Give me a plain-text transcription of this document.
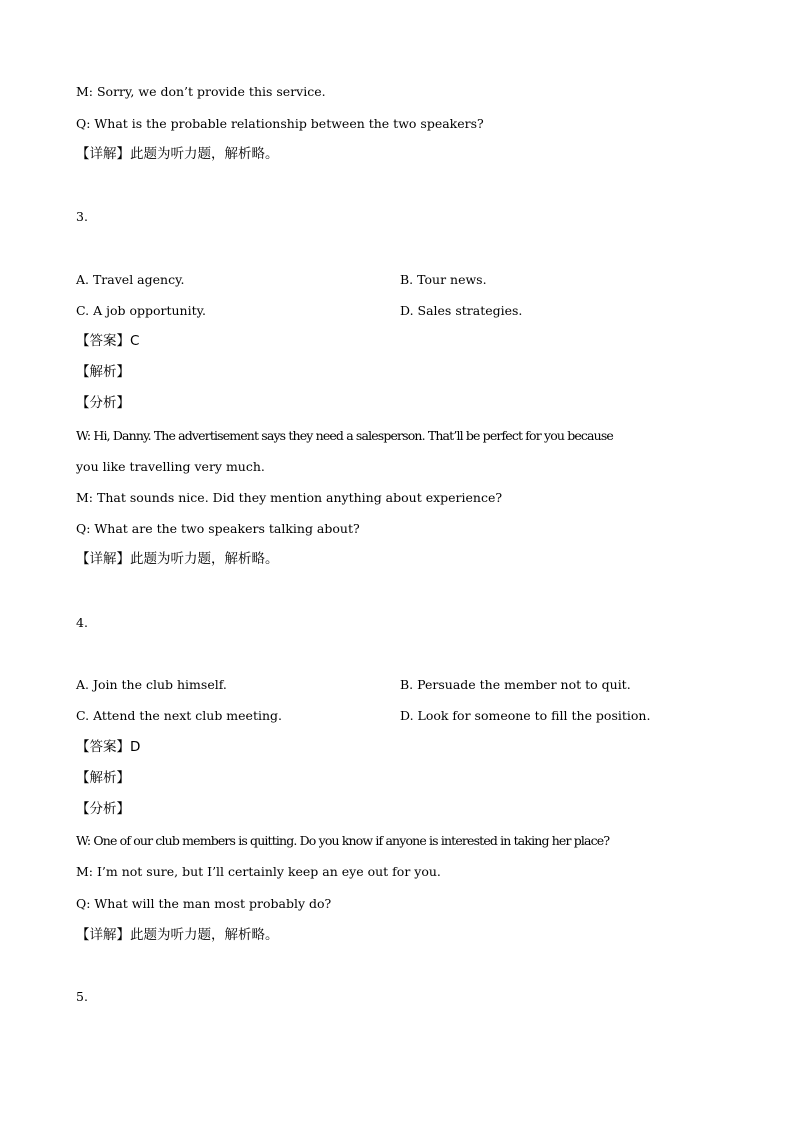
M: Sorry, we don’t provide this service.
Q: What is the probable relationship between the two speakers?
【详解】此题为听力题，解析略。
3.
A. Travel agency.	B. Tour news.
C. A job opportunity.	D. Sales strategies.
【答案】C
【解析】
【分析】
W: Hi, Danny. The advertisement says they need a salesperson. That’ll be perfect for you because
you like travelling very much.
M: That sounds nice. Did they mention anything about experience?
Q: What are the two speakers talking about?
【详解】此题为听力题，解析略。
4.
A. Join the club himself.	B. Persuade the member not to quit.
C. Attend the next club meeting.	D. Look for someone to fill the position.
【答案】D
【解析】
【分析】
W: One of our club members is quitting. Do you know if anyone is interested in taking her place?
M: I’m not sure, but I’ll certainly keep an eye out for you.
Q: What will the man most probably do?
【详解】此题为听力题，解析略。
5.
